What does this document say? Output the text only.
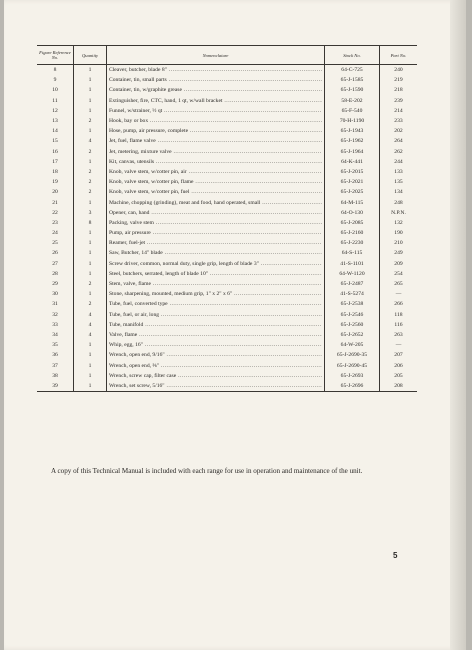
Figure Reference No.	Quantity	Nomenclature	Stock No.	Part No.
8	1	Cleaver, butcher, blade 8" .....	64-C-725	240
9	1	Container, tin, small parts .....	65-J-1585	219
10	1	Container, tin, w/graphite grease .....	65-J-1590	218
11	1	Extinguisher, fire, CTC, hand, 1 qt, w/wall bracket .....	58-E-202	239
12	1	Funnel, w/strainer, ½ qt .....	65-F-540	214
13	2	Hook, bay or box .....	70-H-1190	233
14	1	Hose, pump, air pressure, complete .....	65-J-1943	202
15	4	Jet, fuel, flame valve .....	65-J-1962	264
16	2	Jet, metering, mixture valve .....	65-J-1964	262
17	1	Kit, canvas, utensils .....	64-K-441	244
18	2	Knob, valve stem, w/cotter pin, air .....	65-J-2015	133
19	2	Knob, valve stem, w/cotter pin, flame .....	65-J-2021	135
20	2	Knob, valve stem, w/cotter pin, fuel .....	65-J-2025	134
21	1	Machine, chopping (grinding), meat and food, hand operated, small .....	64-M-115	248
22	3	Opener, can, hand .....	64-O-130	N.P.N.
23	8	Packing, valve stem .....	65-J-2085	132
24	1	Pump, air pressure .....	65-J-2160	190
25	1	Reamer, fuel-jet .....	65-J-2230	210
26	1	Saw, Butcher, 14" blade .....	64-S-115	249
27	1	Screw driver, common, normal duty, single grip, length of blade 3" .....	41-S-1101	209
28	1	Steel, butchers, serrated, length of blade 10" .....	64-W-1120	254
29	2	Stem, valve, flame .....	65-J-2487	265
30	1	Stone, sharpening, mounted, medium grip, 1" x 2" x 6" .....	41-S-5274	—
31	2	Tube, fuel, converted type .....	65-J-2538	266
32	4	Tube, fuel, or air, long .....	65-J-2546	118
33	4	Tube, manifold .....	65-J-2560	116
34	4	Valve, flame .....	65-J-2652	263
35	1	Whip, egg, 16" .....	64-W-205	—
36	1	Wrench, open end, 9/16" .....	65-J-2690-35	207
37	1	Wrench, open end, ⅝" .....	65-J-2690-45	206
38	1	Wrench, screw cap, filter case .....	65-J-2693	205
39	1	Wrench, set screw, 5/16" .....	65-J-2696	208

A copy of this Technical Manual is included with each range for use in operation and maintenance of the unit.

5
